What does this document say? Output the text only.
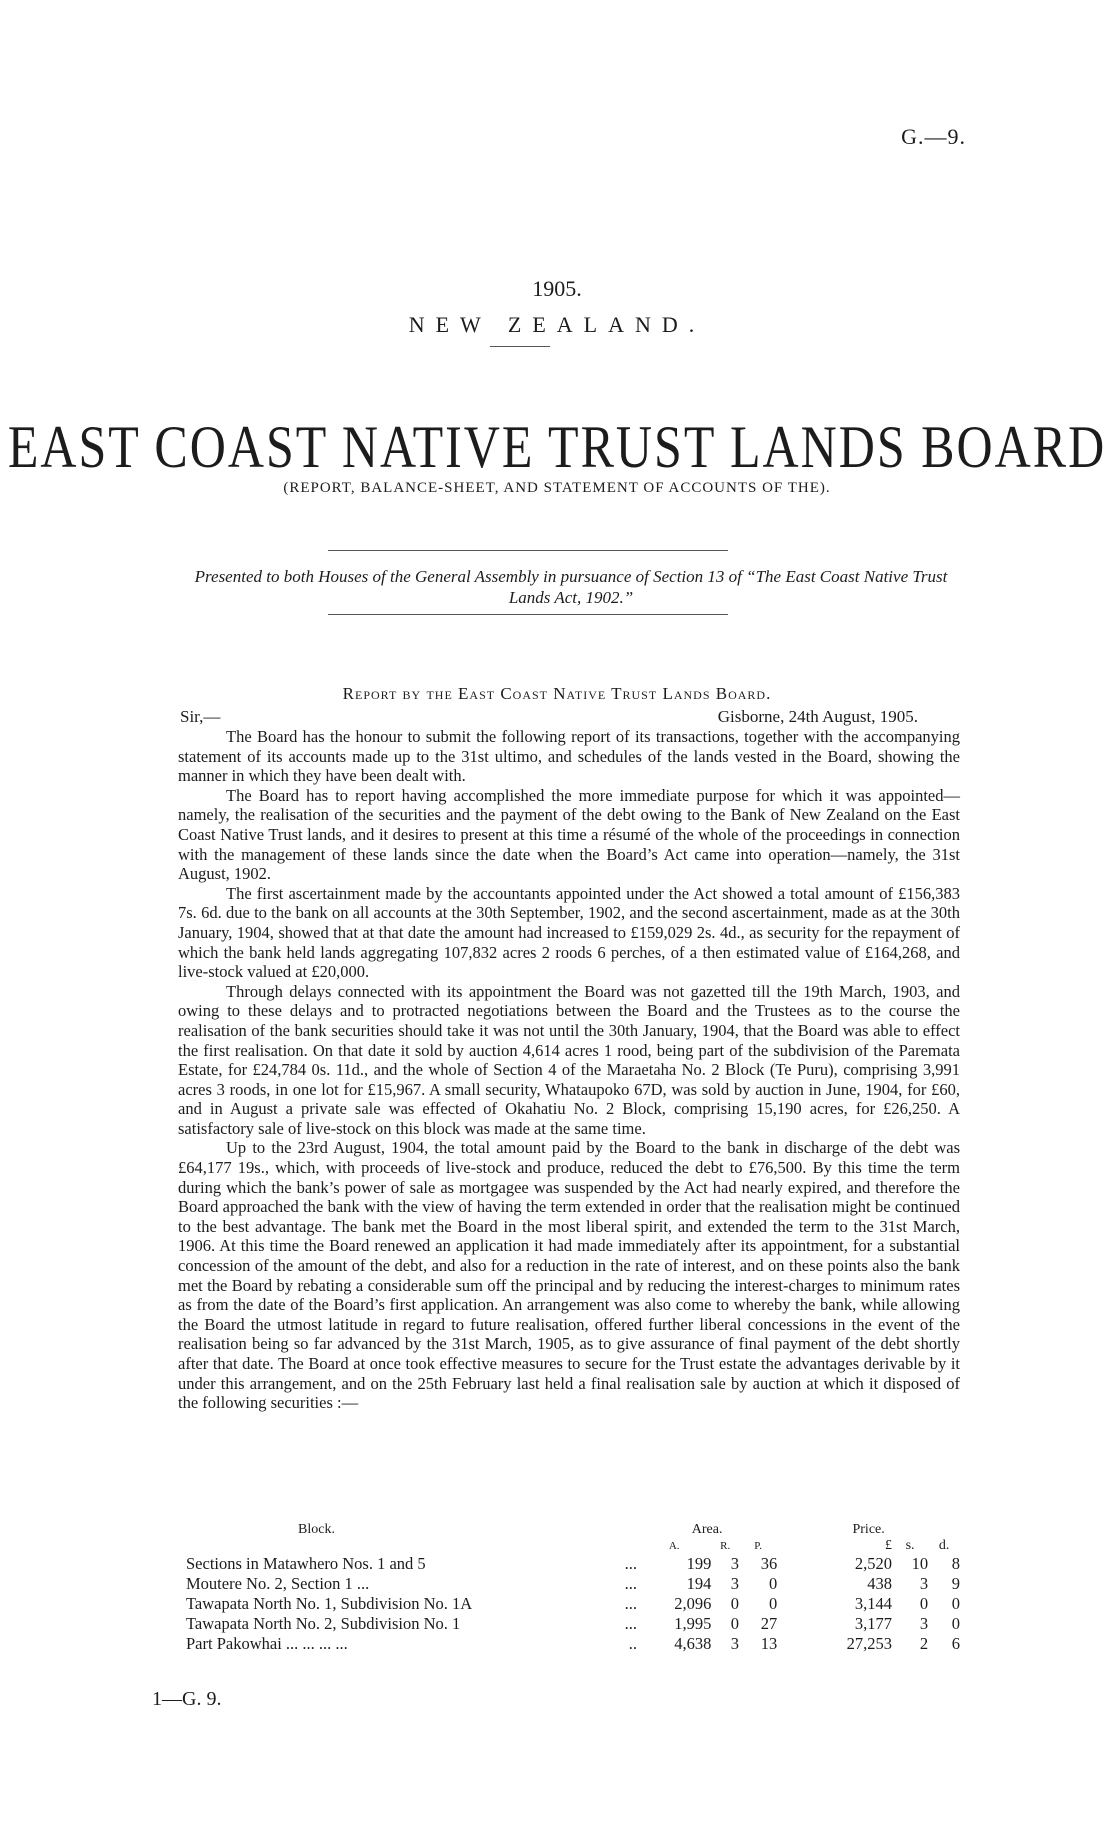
G.—9.
1905.
NEW ZEALAND.
EAST COAST NATIVE TRUST LANDS BOARD
(REPORT, BALANCE-SHEET, AND STATEMENT OF ACCOUNTS OF THE).
Presented to both Houses of the General Assembly in pursuance of Section 13 of “The East Coast Native Trust Lands Act, 1902.”
Report by the East Coast Native Trust Lands Board.
Sir,—	Gisborne, 24th August, 1905.

The Board has the honour to submit the following report of its transactions, together with the accompanying statement of its accounts made up to the 31st ultimo, and schedules of the lands vested in the Board, showing the manner in which they have been dealt with.

The Board has to report having accomplished the more immediate purpose for which it was appointed—namely, the realisation of the securities and the payment of the debt owing to the Bank of New Zealand on the East Coast Native Trust lands, and it desires to present at this time a résumé of the whole of the proceedings in connection with the management of these lands since the date when the Board’s Act came into operation—namely, the 31st August, 1902.

The first ascertainment made by the accountants appointed under the Act showed a total amount of £156,383 7s. 6d. due to the bank on all accounts at the 30th September, 1902, and the second ascertainment, made as at the 30th January, 1904, showed that at that date the amount had increased to £159,029 2s. 4d., as security for the repayment of which the bank held lands aggregating 107,832 acres 2 roods 6 perches, of a then estimated value of £164,268, and live-stock valued at £20,000.

Through delays connected with its appointment the Board was not gazetted till the 19th March, 1903, and owing to these delays and to protracted negotiations between the Board and the Trustees as to the course the realisation of the bank securities should take it was not until the 30th January, 1904, that the Board was able to effect the first realisation. On that date it sold by auction 4,614 acres 1 rood, being part of the subdivision of the Paremata Estate, for £24,784 0s. 11d., and the whole of Section 4 of the Maraetaha No. 2 Block (Te Puru), comprising 3,991 acres 3 roods, in one lot for £15,967. A small security, Whataupoko 67D, was sold by auction in June, 1904, for £60, and in August a private sale was effected of Okahatiu No. 2 Block, comprising 15,190 acres, for £26,250. A satisfactory sale of live-stock on this block was made at the same time.

Up to the 23rd August, 1904, the total amount paid by the Board to the bank in discharge of the debt was £64,177 19s., which, with proceeds of live-stock and produce, reduced the debt to £76,500. By this time the term during which the bank’s power of sale as mortgagee was suspended by the Act had nearly expired, and therefore the Board approached the bank with the view of having the term extended in order that the realisation might be continued to the best advantage. The bank met the Board in the most liberal spirit, and extended the term to the 31st March, 1906. At this time the Board renewed an application it had made immediately after its appointment, for a substantial concession of the amount of the debt, and also for a reduction in the rate of interest, and on these points also the bank met the Board by rebating a considerable sum off the principal and by reducing the interest-charges to minimum rates as from the date of the Board’s first application. An arrangement was also come to whereby the bank, while allowing the Board the utmost latitude in regard to future realisation, offered further liberal concessions in the event of the realisation being so far advanced by the 31st March, 1905, as to give assurance of final payment of the debt shortly after that date. The Board at once took effective measures to secure for the Trust estate the advantages derivable by it under this arrangement, and on the 25th February last held a final realisation sale by auction at which it disposed of the following securities :—

Block.		Area.			Price.		
		A.	R.	P.	£	s.	d.
Sections in Matawhero Nos. 1 and 5	...	199	3	36	2,520	10	8
Moutere No. 2, Section 1 ...	...	194	3	0	438	3	9
Tawapata North No. 1, Subdivision No. 1A	...	2,096	0	0	3,144	0	0
Tawapata North No. 2, Subdivision No. 1	...	1,995	0	27	3,177	3	0
Part Pakowhai ... ... ... ...	..	4,638	3	13	27,253	2	6
1—G. 9.
